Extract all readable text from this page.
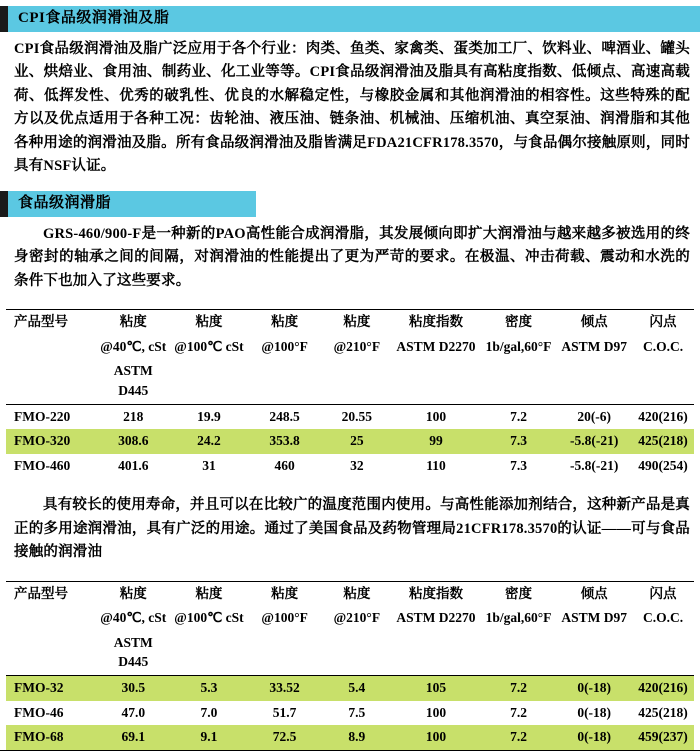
CPI食品级润滑油及脂
CPI食品级润滑油及脂广泛应用于各个行业：肉类、鱼类、家禽类、蛋类加工厂、饮料业、啤酒业、罐头业、烘焙业、食用油、制药业、化工业等等。CPI食品级润滑油及脂具有高粘度指数、低倾点、高速高载荷、低挥发性、优秀的破乳性、优良的水解稳定性，与橡胶金属和其他润滑油的相容性。这些特殊的配方以及优点适用于各种工况：齿轮油、液压油、链条油、机械油、压缩机油、真空泵油、润滑脂和其他各种用途的润滑油及脂。所有食品级润滑油及脂皆满足FDA21CFR178.3570，与食品偶尔接触原则，同时具有NSF认证。
食品级润滑脂
GRS-460/900-F是一种新的PAO高性能合成润滑脂，其发展倾向即扩大润滑油与越来越多被选用的终身密封的轴承之间的间隔，对润滑油的性能提出了更为严苛的要求。在极温、冲击荷载、震动和水洗的条件下也加入了这些要求。
产品型号	粘度	粘度	粘度	粘度	粘度指数	密度	倾点	闪点
	@40℃, cSt	@100℃ cSt	@100°F	@210°F	ASTM D2270	1b/gal,60°F	ASTM D97	C.O.C.
	ASTM D445							
FMO-220	218	19.9	248.5	20.55	100	7.2	20(-6)	420(216)
FMO-320	308.6	24.2	353.8	25	99	7.3	-5.8(-21)	425(218)
FMO-460	401.6	31	460	32	110	7.3	-5.8(-21)	490(254)
具有较长的使用寿命，并且可以在比较广的温度范围内使用。与高性能添加剂结合，这种新产品是真正的多用途润滑油，具有广泛的用途。通过了美国食品及药物管理局21CFR178.3570的认证——可与食品接触的润滑油
产品型号	粘度	粘度	粘度	粘度	粘度指数	密度	倾点	闪点
	@40℃, cSt	@100℃ cSt	@100°F	@210°F	ASTM D2270	1b/gal,60°F	ASTM D97	C.O.C.
	ASTM D445							
FMO-32	30.5	5.3	33.52	5.4	105	7.2	0(-18)	420(216)
FMO-46	47.0	7.0	51.7	7.5	100	7.2	0(-18)	425(218)
FMO-68	69.1	9.1	72.5	8.9	100	7.2	0(-18)	459(237)
